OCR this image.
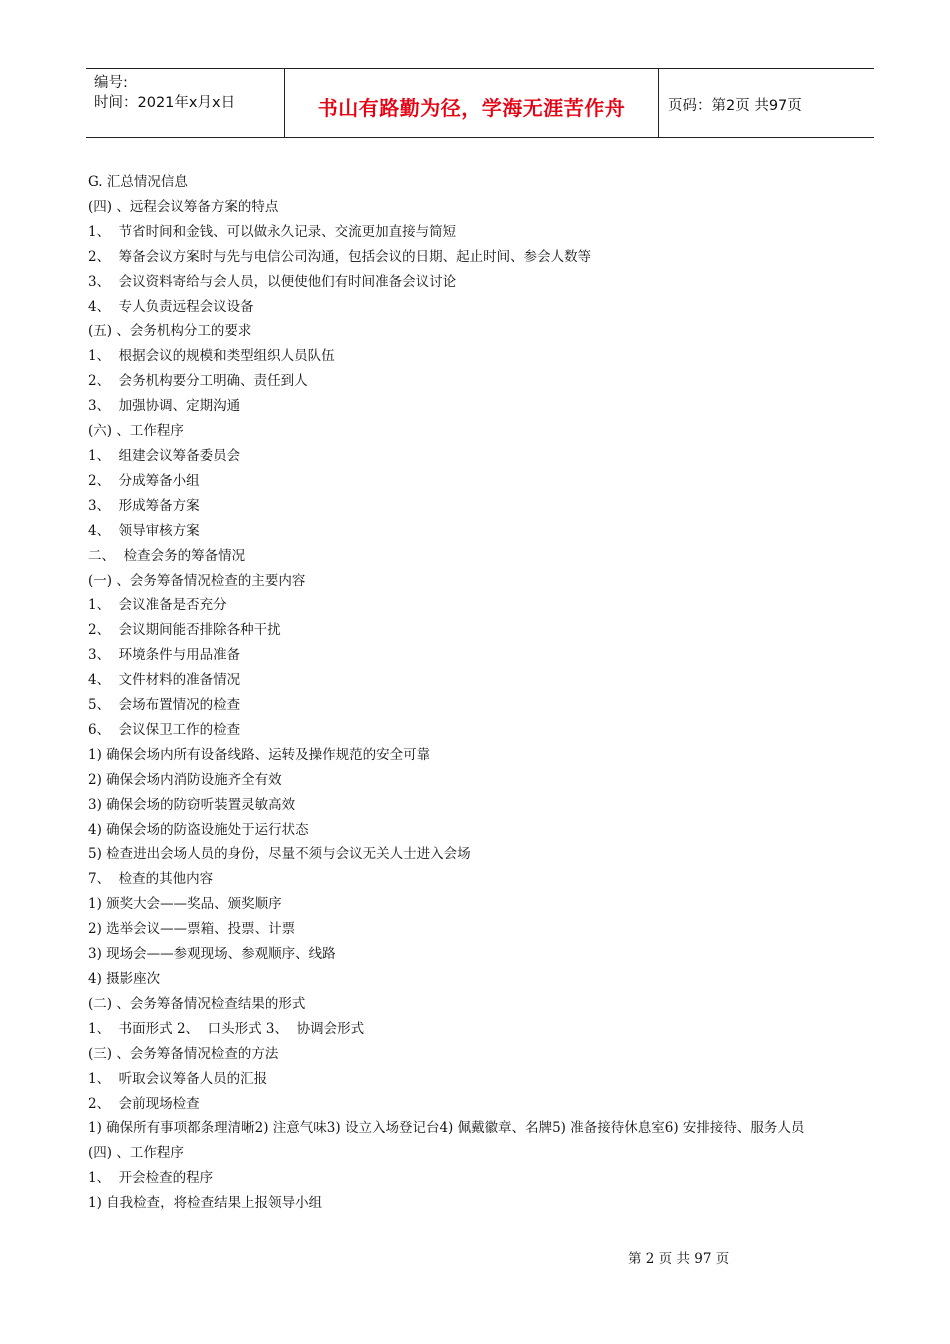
编号:
时间：2021年x月x日	书山有路勤为径，学海无涯苦作舟	页码：第2页 共97页

G. 汇总情况信息

(四) 、远程会议筹备方案的特点

1、  节省时间和金钱、可以做永久记录、交流更加直接与简短

2、  筹备会议方案时与先与电信公司沟通，包括会议的日期、起止时间、参会人数等

3、  会议资料寄给与会人员，以便使他们有时间准备会议讨论

4、  专人负责远程会议设备

(五) 、会务机构分工的要求

1、  根据会议的规模和类型组织人员队伍

2、  会务机构要分工明确、责任到人

3、  加强协调、定期沟通

(六) 、工作程序

1、  组建会议筹备委员会

2、  分成筹备小组

3、  形成筹备方案

4、  领导审核方案

二、  检查会务的筹备情况

(一) 、会务筹备情况检查的主要内容

1、  会议准备是否充分

2、  会议期间能否排除各种干扰

3、  环境条件与用品准备

4、  文件材料的准备情况

5、  会场布置情况的检查

6、  会议保卫工作的检查

1) 确保会场内所有设备线路、运转及操作规范的安全可靠

2) 确保会场内消防设施齐全有效

3) 确保会场的防窃听装置灵敏高效

4) 确保会场的防盗设施处于运行状态

5) 检查进出会场人员的身份，尽量不须与会议无关人士进入会场

7、  检查的其他内容

1) 颁奖大会——奖品、颁奖顺序

2) 选举会议——票箱、投票、计票

3) 现场会——参观现场、参观顺序、线路

4) 摄影座次

(二) 、会务筹备情况检查结果的形式

1、  书面形式 2、  口头形式 3、  协调会形式

(三) 、会务筹备情况检查的方法

1、  听取会议筹备人员的汇报

2、  会前现场检查

1) 确保所有事项都条理清晰2) 注意气味3) 设立入场登记台4) 佩戴徽章、名牌5) 准备接待休息室6) 安排接待、服务人员

(四) 、工作程序

1、  开会检查的程序

1) 自我检查，将检查结果上报领导小组

第 2 页 共 97 页
